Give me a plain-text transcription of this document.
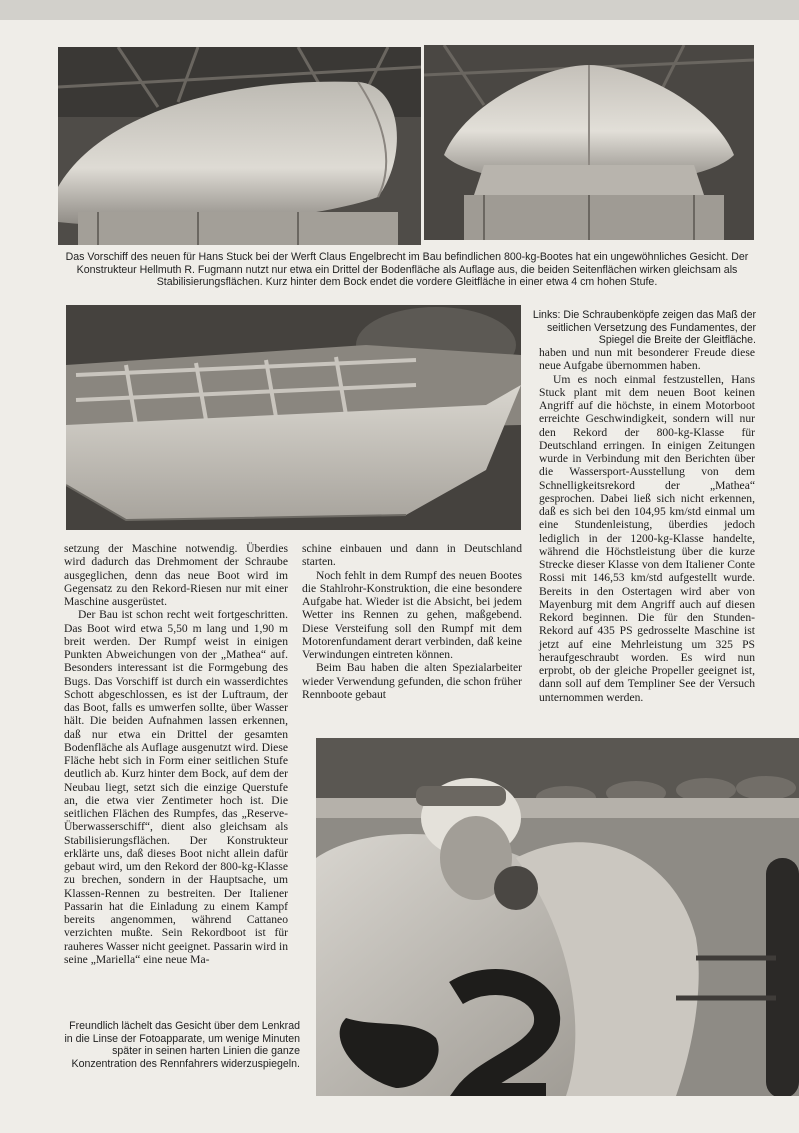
Das Vorschiff des neuen für Hans Stuck bei der Werft Claus Engelbrecht im Bau befindlichen 800-kg-Bootes hat ein ungewöhnliches Gesicht. Der Konstrukteur Hellmuth R. Fugmann nutzt nur etwa ein Drittel der Bodenfläche als Auflage aus, die beiden Seitenflächen wirken gleichsam als Stabilisierungsflächen. Kurz hinter dem Bock endet die vordere Gleitfläche in einer etwa 4 cm hohen Stufe.
Links: Die Schraubenköpfe zeigen das Maß der seitlichen Versetzung des Fundamentes, der Spiegel die Breite der Gleitfläche.

haben und nun mit besonderer Freude diese neue Aufgabe übernommen haben.

Um es noch einmal festzustellen, Hans Stuck plant mit dem neuen Boot keinen Angriff auf die höchste, in einem Motorboot erreichte Geschwindigkeit, sondern will nur den Rekord der 800-kg-Klasse für Deutschland erringen. In einigen Zeitungen wurde in Verbindung mit den Berichten über die Wassersport-Ausstellung von dem Schnelligkeitsrekord der „Mathea“ gesprochen. Dabei ließ sich nicht erkennen, daß es sich bei den 104,95 km/std einmal um eine Stundenleistung, überdies jedoch lediglich in der 1200-kg-Klasse handelte, während die Höchstleistung über die kurze Strecke dieser Klasse von dem Italiener Conte Rossi mit 146,53 km/std aufgestellt wurde. Bereits in den Ostertagen wird aber von Mayenburg mit dem Angriff auch auf diesen Rekord beginnen. Die für den Stunden-Rekord auf 435 PS gedrosselte Maschine ist jetzt auf eine Mehrleistung um 325 PS heraufgeschraubt worden. Es wird nun erprobt, ob der gleiche Propeller geeignet ist, dann soll auf dem Templiner See der Versuch unternommen werden.

setzung der Maschine notwendig. Überdies wird dadurch das Drehmoment der Schraube ausgeglichen, denn das neue Boot wird im Gegensatz zu den Rekord-Riesen nur mit einer Maschine ausgerüstet.

Der Bau ist schon recht weit fortgeschritten. Das Boot wird etwa 5,50 m lang und 1,90 m breit werden. Der Rumpf weist in einigen Punkten Abweichungen von der „Mathea“ auf. Besonders interessant ist die Formgebung des Bugs. Das Vorschiff ist durch ein wasserdichtes Schott abgeschlossen, es ist der Luftraum, der das Boot, falls es umwerfen sollte, über Wasser hält. Die beiden Aufnahmen lassen erkennen, daß nur etwa ein Drittel der gesamten Bodenfläche als Auflage ausgenutzt wird. Diese Fläche hebt sich in Form einer seitlichen Stufe deutlich ab. Kurz hinter dem Bock, auf dem der Neubau liegt, setzt sich die einzige Querstufe an, die etwa vier Zentimeter hoch ist. Die seitlichen Flächen des Rumpfes, das „Reserve-Überwasserschiff“, dient also gleichsam als Stabilisierungsflächen. Der Konstrukteur erklärte uns, daß dieses Boot nicht allein dafür gebaut wird, um den Rekord der 800-kg-Klasse zu brechen, sondern in der Hauptsache, um Klassen-Rennen zu bestreiten. Der Italiener Passarin hat die Einladung zu einem Kampf bereits angenommen, während Cattaneo verzichten mußte. Sein Rekordboot ist für rauheres Wasser nicht geeignet. Passarin wird in seine „Mariella“ eine neue Ma-

schine einbauen und dann in Deutschland starten.

Noch fehlt in dem Rumpf des neuen Bootes die Stahlrohr-Konstruktion, die eine besondere Aufgabe hat. Wieder ist die Absicht, bei jedem Wetter ins Rennen zu gehen, maßgebend. Diese Versteifung soll den Rumpf mit dem Motorenfundament derart verbinden, daß keine Verwindungen eintreten können.

Beim Bau haben die alten Spezialarbeiter wieder Verwendung gefunden, die schon früher Rennboote gebaut

Freundlich lächelt das Gesicht über dem Lenkrad in die Linse der Fotoapparate, um wenige Minuten später in seinen harten Linien die ganze Konzentration des Rennfahrers widerzuspiegeln.
